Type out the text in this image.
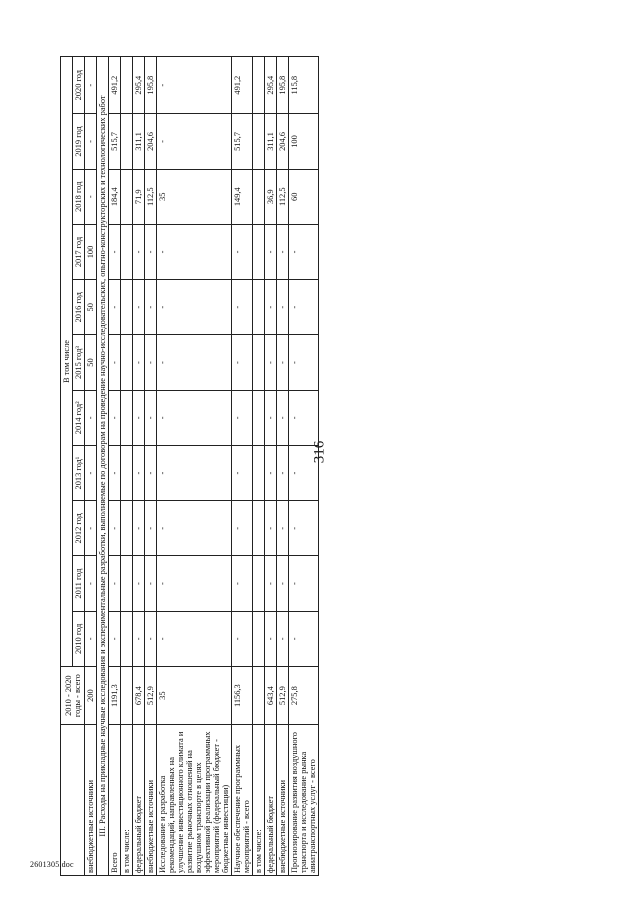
316
	2010 - 2020 годы - всего	В том числе										
		2010 год	2011 год	2012 год	2013 год¹	2014 год²	2015 год³	2016 год	2017 год	2018 год	2019 год	2020 год
внебюджетные источники	200	-	-	-	-	-	50	50	100	-	-	-
III. Расходы на прикладные научные исследования и экспериментальные разработки, выполняемые по договорам на проведение научно-исследовательских, опытно-конструкторских и технологических работ												
Всего	1191,3	-	-	-	-	-	-	-	-	184,4	515,7	491,2
в том числе:												
федеральный бюджет	678,4	-	-	-	-	-	-	-	-	71,9	311,1	295,4
внебюджетные источники	512,9	-	-	-	-	-	-	-	-	112,5	204,6	195,8
Исследование и разработка рекомендаций, направленных на улучшение инвестиционного климата и развитие рыночных отношений на воздушном транспорте в целях эффективной реализации программных мероприятий (федеральный бюджет - бюджетные инвестиции)	35	-	-	-	-	-	-	-	-	35	-	-
Научное обеспечение программных мероприятий - всего	1156,3	-	-	-	-	-	-	-	-	149,4	515,7	491,2
в том числе:												
федеральный бюджет	643,4	-	-	-	-	-	-	-	-	36,9	311,1	295,4
внебюджетные источники	512,9	-	-	-	-	-	-	-	-	112,5	204,6	195,8
Прогнозирование развития воздушного транспорта и исследование рынка авиатранспортных услуг - всего	275,8	-	-	-	-	-	-	-	-	60	100	115,8
2601305.doc
